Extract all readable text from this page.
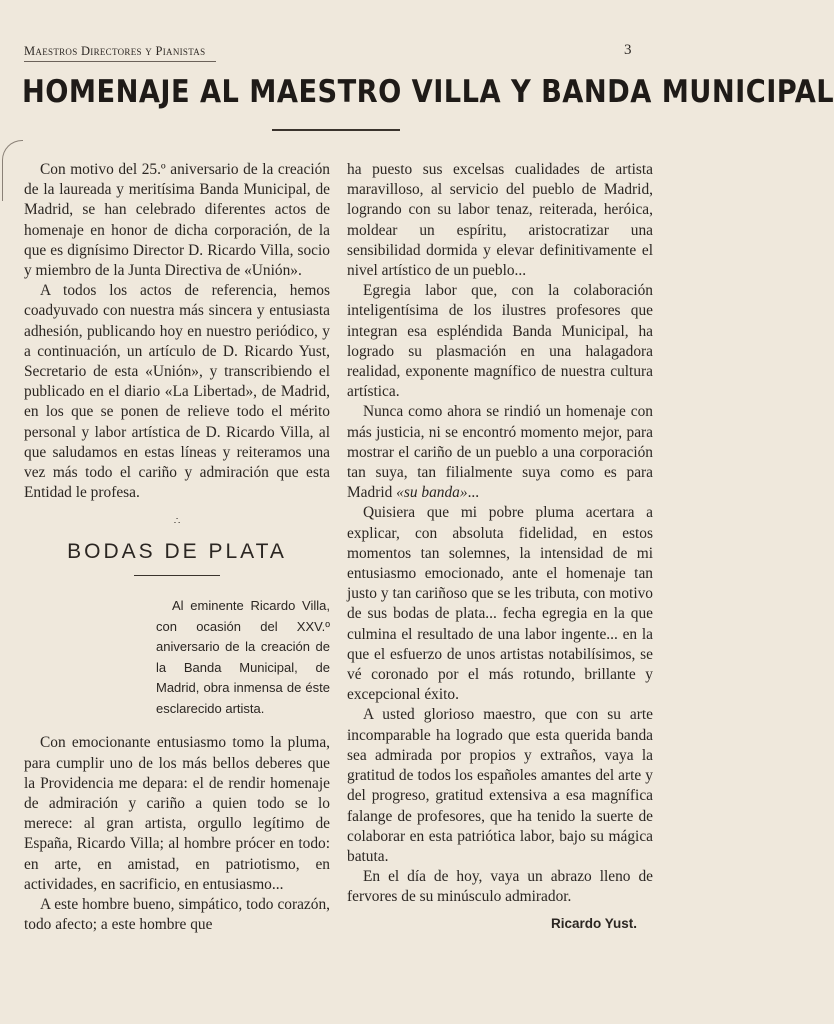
Maestros Directores y Pianistas	3
HOMENAJE AL MAESTRO VILLA Y BANDA MUNICIPAL

Con motivo del 25.º aniversario de la creación de la laureada y meritísima Banda Municipal, de Madrid, se han celebrado diferentes actos de homenaje en honor de dicha corporación, de la que es dignísimo Director D. Ricardo Villa, socio y miembro de la Junta Directiva de «Unión».

A todos los actos de referencia, hemos coadyuvado con nuestra más sincera y entusiasta adhesión, publicando hoy en nuestro periódico, y a continuación, un artículo de D. Ricardo Yust, Secretario de esta «Unión», y transcribiendo el publicado en el diario «La Libertad», de Madrid, en los que se ponen de relieve todo el mérito personal y labor artística de D. Ricardo Villa, al que saludamos en estas líneas y reiteramos una vez más todo el cariño y admiración que esta Entidad le profesa.

∴
BODAS DE PLATA
Al eminente Ricardo Villa, con ocasión del XXV.º aniversario de la creación de la Banda Municipal, de Madrid, obra inmensa de éste esclarecido artista.

Con emocionante entusiasmo tomo la pluma, para cumplir uno de los más bellos deberes que la Providencia me depara: el de rendir homenaje de admiración y cariño a quien todo se lo merece: al gran artista, orgullo legítimo de España, Ricardo Villa; al hombre prócer en todo: en arte, en amistad, en patriotismo, en actividades, en sacrificio, en entusiasmo...

A este hombre bueno, simpático, todo corazón, todo afecto; a este hombre que

ha puesto sus excelsas cualidades de artista maravilloso, al servicio del pueblo de Madrid, logrando con su labor tenaz, reiterada, heróica, moldear un espíritu, aristocratizar una sensibilidad dormida y elevar definitivamente el nivel artístico de un pueblo...

Egregia labor que, con la colaboración inteligentísima de los ilustres profesores que integran esa espléndida Banda Municipal, ha logrado su plasmación en una halagadora realidad, exponente magnífico de nuestra cultura artística.

Nunca como ahora se rindió un homenaje con más justicia, ni se encontró momento mejor, para mostrar el cariño de un pueblo a una corporación tan suya, tan filialmente suya como es para Madrid «su banda»...

Quisiera que mi pobre pluma acertara a explicar, con absoluta fidelidad, en estos momentos tan solemnes, la intensidad de mi entusiasmo emocionado, ante el homenaje tan justo y tan cariñoso que se les tributa, con motivo de sus bodas de plata... fecha egregia en la que culmina el resultado de una labor ingente... en la que el esfuerzo de unos artistas notabilísimos, se vé coronado por el más rotundo, brillante y excepcional éxito.

A usted glorioso maestro, que con su arte incomparable ha logrado que esta querida banda sea admirada por propios y extraños, vaya la gratitud de todos los españoles amantes del arte y del progreso, gratitud extensiva a esa magnífica falange de profesores, que ha tenido la suerte de colaborar en esta patriótica labor, bajo su mágica batuta.

En el día de hoy, vaya un abrazo lleno de fervores de su minúsculo admirador.

Ricardo Yust.
